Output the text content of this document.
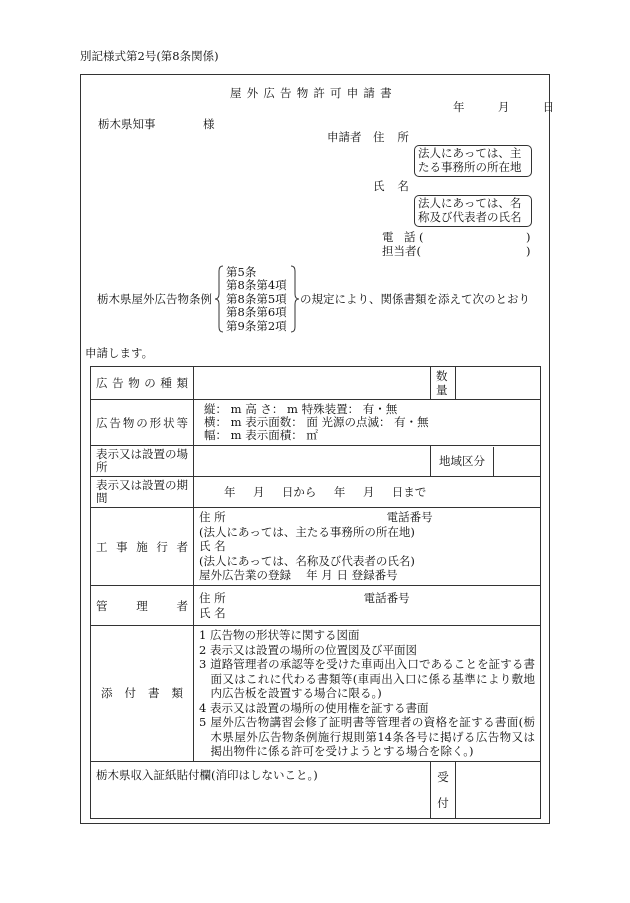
別記様式第2号(第8条関係)
屋外広告物許可申請書
年	月	日
栃木県知事	様
申請者 住 所
法人にあっては、主
たる事務所の所在地
氏 名
法人にあっては、名
称及び代表者の氏名
電 話(	)
担当者(	)
栃木県屋外広告物条例
第5条
第8条第4項
第8条第5項
第8条第6項
第9条第2項
の規定により、関係書類を添えて次のとおり
申請します。
広告物の種類		数 量	
広告物の形状等	縦： m 高 さ： m 特殊装置： 有・無
横： m 表示面数： 面 光源の点滅： 有・無
幅： m 表示面積： ㎡		

表示又は設置の場所		地域区分	

表示又は設置の期間	年 月 日から 年 月 日まで		
工事施行者	住 所　　　　　　　　　　　　　　電話番号
(法人にあっては、主たる事務所の所在地)
氏 名
(法人にあっては、名称及び代表者の氏名)
屋外広告業の登録　 年 月 日 登録番号		

管理者	住 所　　　　　　　　　　　　電話番号
氏 名		

添付書類	1 広告物の形状等に関する図面
2 表示又は設置の場所の位置図及び平面図
3 道路管理者の承認等を受けた車両出入口であることを証する書面又はこれに代わる書類等(車両出入口に係る基準により敷地内広告板を設置する場合に限る。)
4 表示又は設置の場所の使用権を証する書面
5 屋外広告物講習会修了証明書等管理者の資格を証する書面(栃木県屋外広告物条例施行規則第14条各号に掲げる広告物又は掲出物件に係る許可を受けようとする場合を除く。)		

栃木県収入証紙貼付欄(消印はしないこと。)		受
付	
